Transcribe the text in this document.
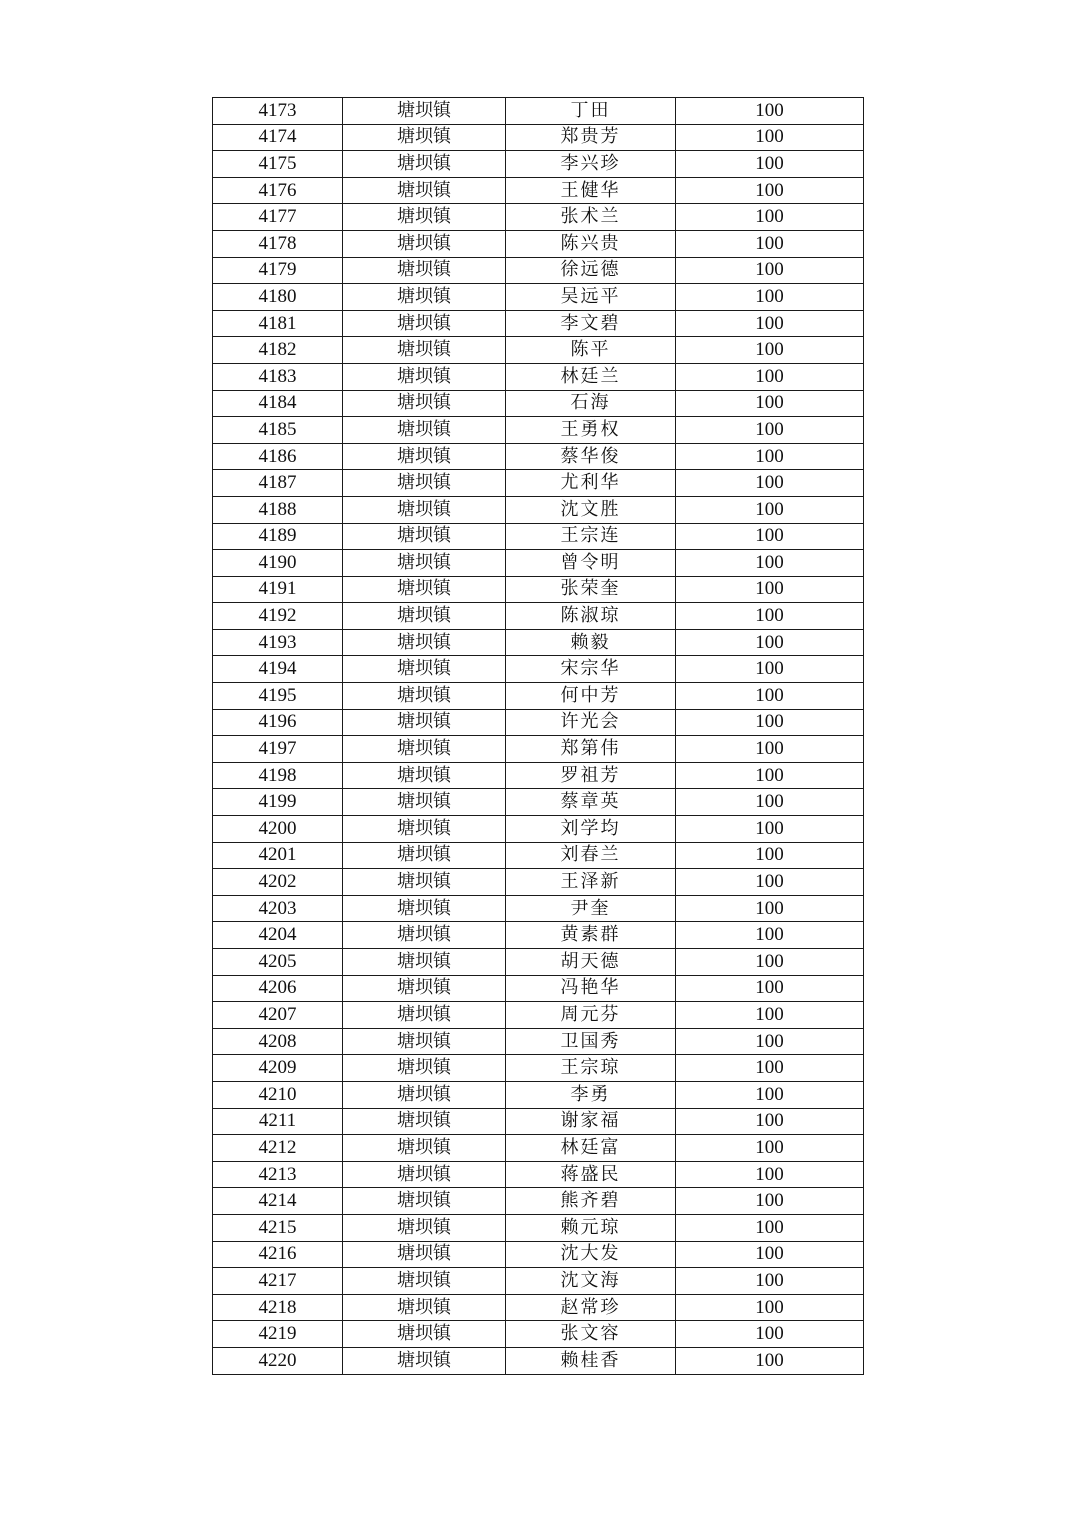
4173	塘坝镇	丁田	100
4174	塘坝镇	郑贵芳	100
4175	塘坝镇	李兴珍	100
4176	塘坝镇	王健华	100
4177	塘坝镇	张术兰	100
4178	塘坝镇	陈兴贵	100
4179	塘坝镇	徐远德	100
4180	塘坝镇	吴远平	100
4181	塘坝镇	李文碧	100
4182	塘坝镇	陈平	100
4183	塘坝镇	林廷兰	100
4184	塘坝镇	石海	100
4185	塘坝镇	王勇权	100
4186	塘坝镇	蔡华俊	100
4187	塘坝镇	尤利华	100
4188	塘坝镇	沈文胜	100
4189	塘坝镇	王宗连	100
4190	塘坝镇	曾令明	100
4191	塘坝镇	张荣奎	100
4192	塘坝镇	陈淑琼	100
4193	塘坝镇	赖毅	100
4194	塘坝镇	宋宗华	100
4195	塘坝镇	何中芳	100
4196	塘坝镇	许光会	100
4197	塘坝镇	郑第伟	100
4198	塘坝镇	罗祖芳	100
4199	塘坝镇	蔡章英	100
4200	塘坝镇	刘学均	100
4201	塘坝镇	刘春兰	100
4202	塘坝镇	王泽新	100
4203	塘坝镇	尹奎	100
4204	塘坝镇	黄素群	100
4205	塘坝镇	胡天德	100
4206	塘坝镇	冯艳华	100
4207	塘坝镇	周元芬	100
4208	塘坝镇	卫国秀	100
4209	塘坝镇	王宗琼	100
4210	塘坝镇	李勇	100
4211	塘坝镇	谢家福	100
4212	塘坝镇	林廷富	100
4213	塘坝镇	蒋盛民	100
4214	塘坝镇	熊齐碧	100
4215	塘坝镇	赖元琼	100
4216	塘坝镇	沈大发	100
4217	塘坝镇	沈文海	100
4218	塘坝镇	赵常珍	100
4219	塘坝镇	张文容	100
4220	塘坝镇	赖桂香	100
